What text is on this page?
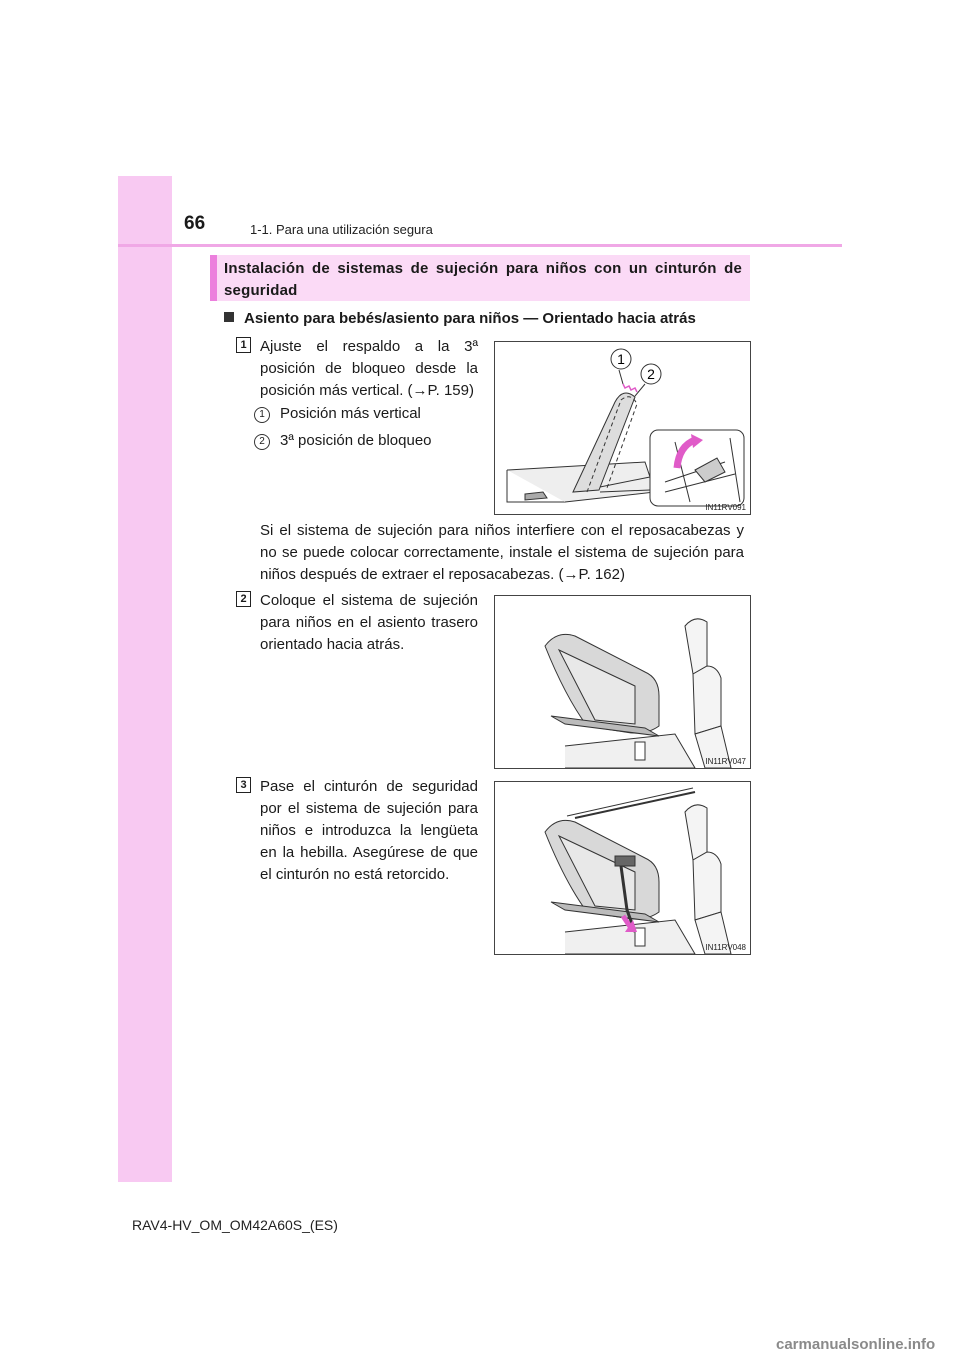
66	1-1. Para una utilización segura
Instalación de sistemas de sujeción para niños con un cinturón de seguridad
Asiento para bebés/asiento para niños — Orientado hacia atrás
1 Ajuste el respaldo a la 3ª posición de bloqueo desde la posición más vertical. (→P. 159)
1 Posición más vertical
2 3ª posición de bloqueo
1
2
IN11RV091
Si el sistema de sujeción para niños interfiere con el reposacabezas y no se puede colocar correctamente, instale el sistema de sujeción para niños después de extraer el reposacabezas. (→P. 162)
2 Coloque el sistema de sujeción para niños en el asiento trasero orientado hacia atrás.
IN11RV047
3 Pase el cinturón de seguridad por el sistema de sujeción para niños e introduzca la lengüeta en la hebilla. Asegúrese de que el cinturón no está retorcido.
IN11RV048
RAV4-HV_OM_OM42A60S_(ES)
carmanualsonline.info
